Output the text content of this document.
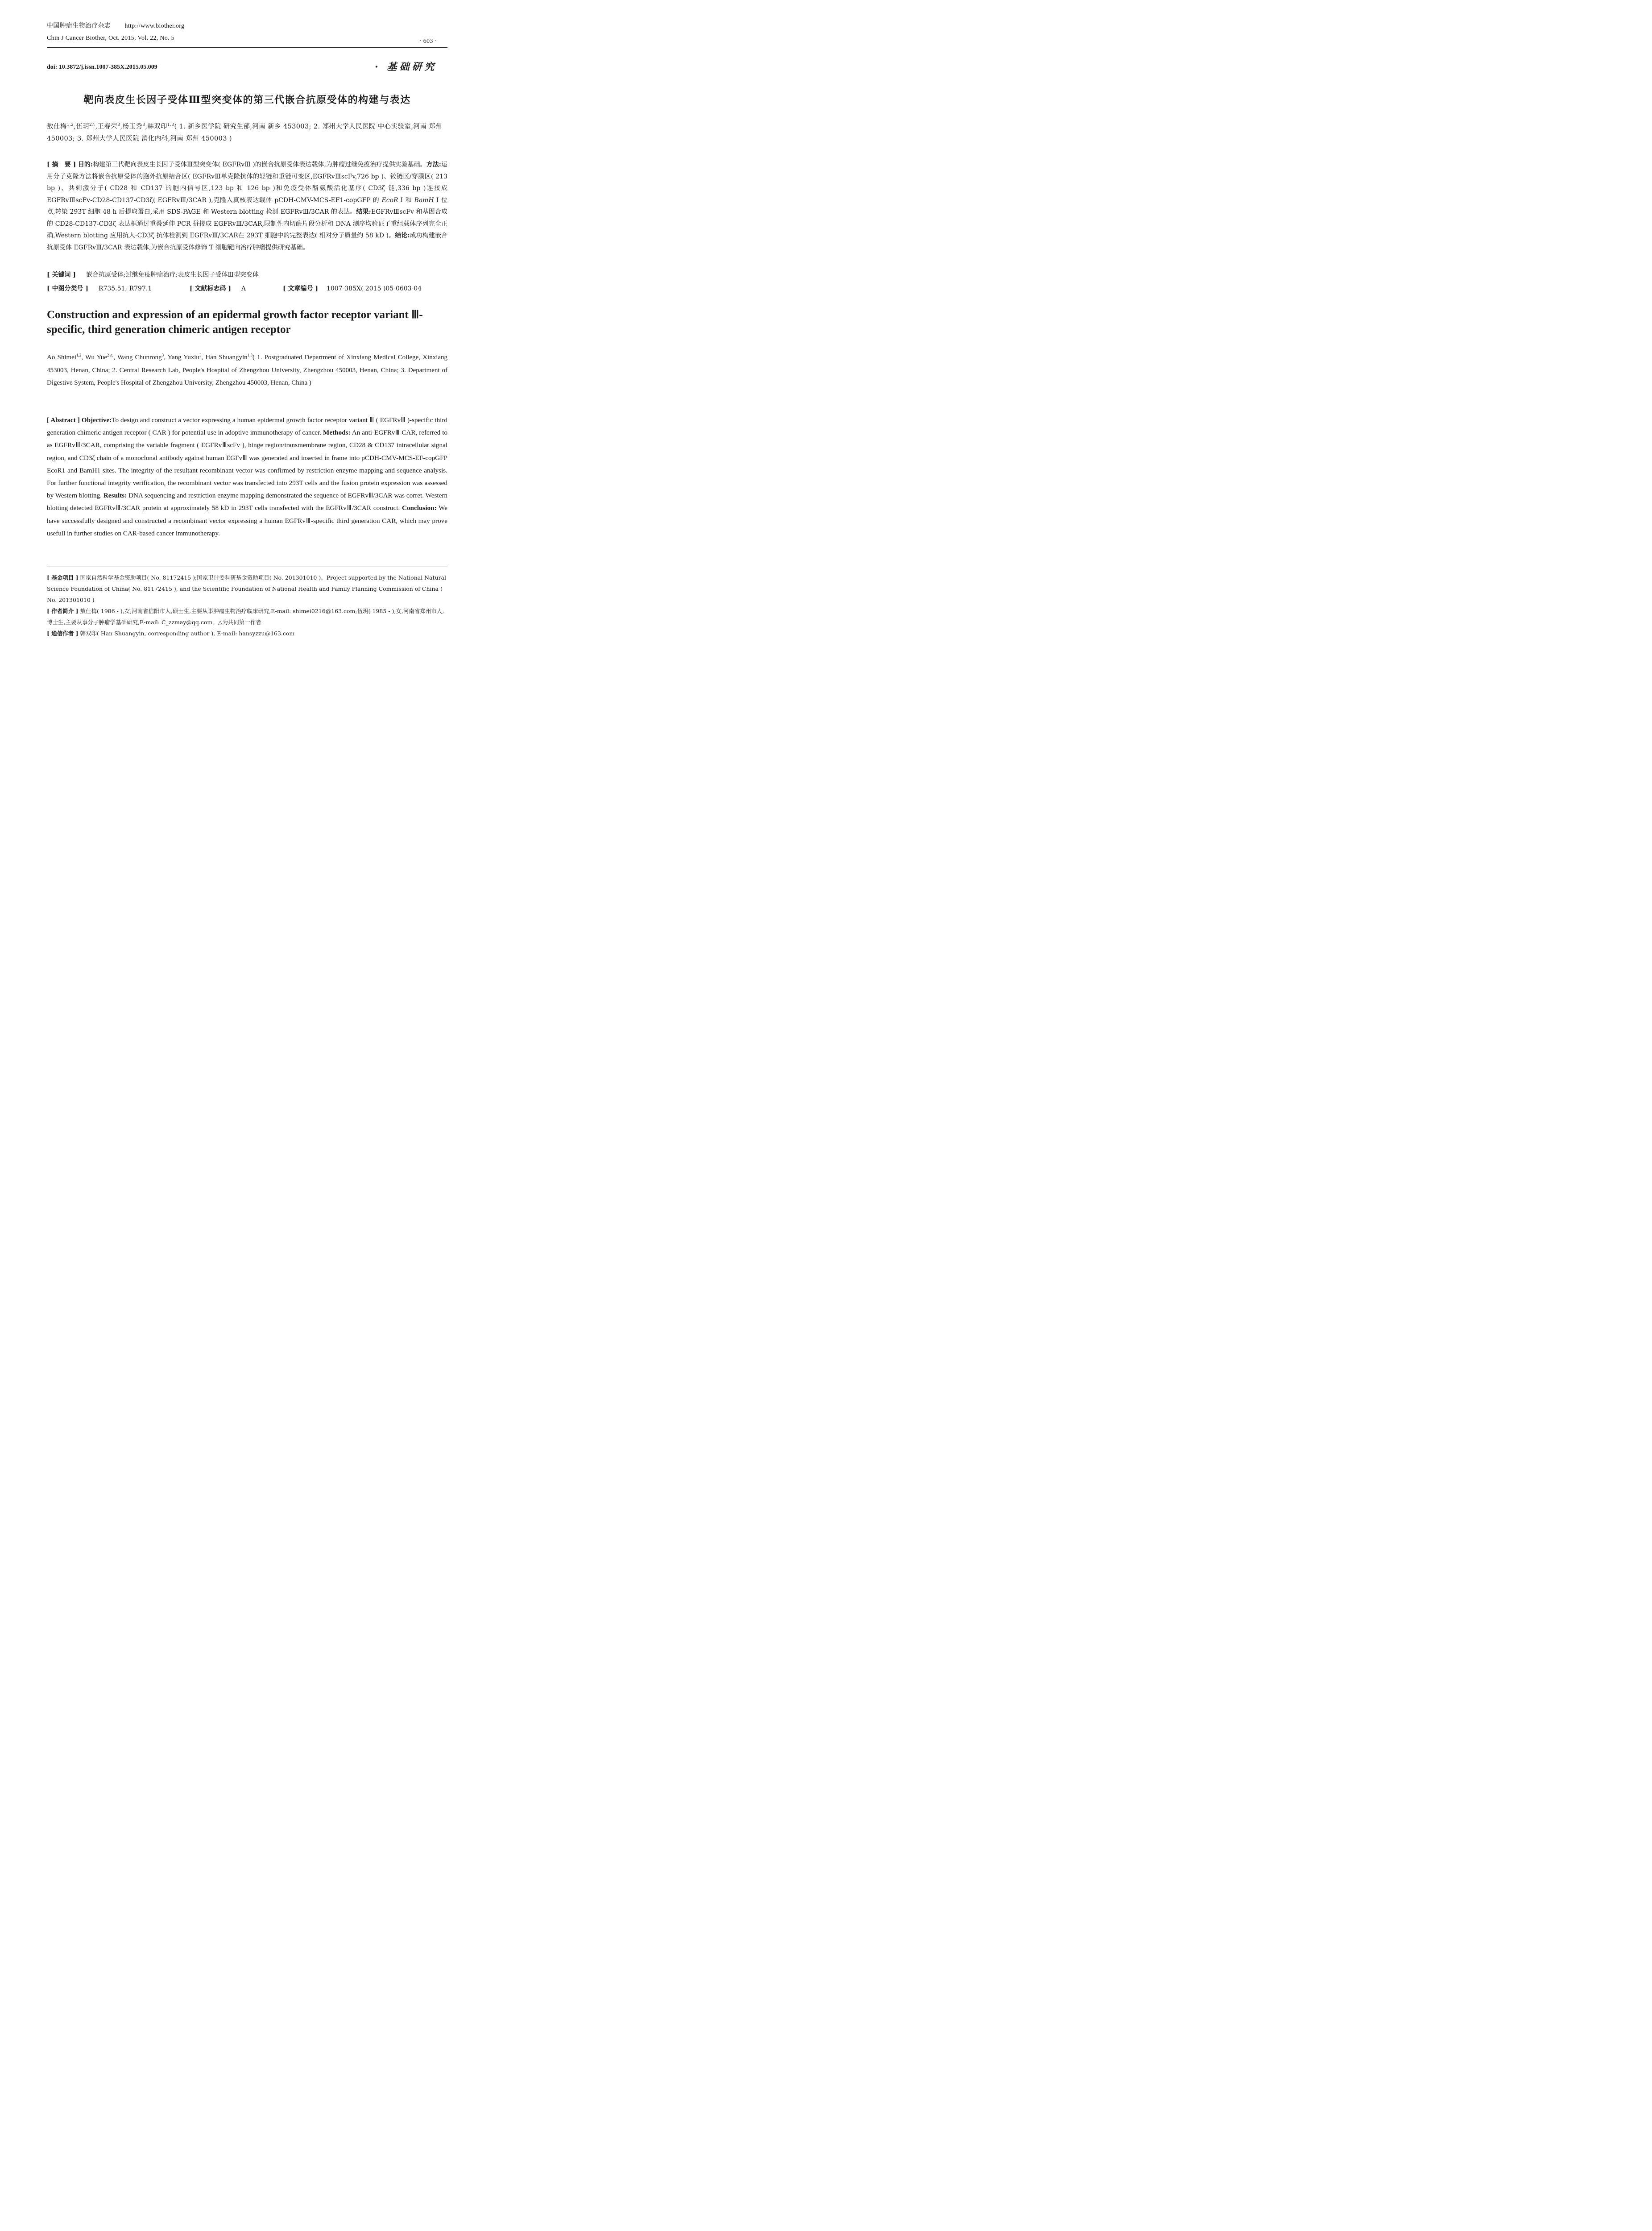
中国肿瘤生物治疗杂志 http://www.biother.org
Chin J Cancer Biother, Oct. 2015, Vol. 22, No. 5	· 603 ·
doi: 10.3872/j.issn.1007-385X.2015.05.009	· 基础研究
靶向表皮生长因子受体Ⅲ型突变体的第三代嵌合抗原受体的构建与表达
敖仕梅$^{1,2}$,伍玥$^{2\triangle}$,王春荣$^3$,杨玉秀$^3$,韩双印$^{1,3}$( 1. 新乡医学院 研究生部,河南 新乡 453003; 2. 郑州大学人民医院 中心实验室,河南 郑州 450003; 3. 郑州大学人民医院 消化内科,河南 郑州 450003 )
[ 摘　要 ] 目的:构建第三代靶向表皮生长因子受体Ⅲ型突变体( EGFRvⅢ )的嵌合抗原受体表达载体,为肿瘤过继免疫治疗提供实验基础。方法:运用分子克隆方法将嵌合抗原受体的胞外抗原结合区( EGFRvⅢ单克隆抗体的轻链和重链可变区,EGFRvⅢscFv,726 bp )、铰链区/穿膜区( 213 bp )、共刺激分子( CD28 和 CD137 的胞内信号区,123 bp 和 126 bp )和免疫受体酪氨酸活化基序( CD3ζ 链,336 bp )连接成 EGFRvⅢscFv-CD28-CD137-CD3ζ( EGFRvⅢ/3CAR ),克隆入真核表达载体 pCDH-CMV-MCS-EF1-copGFP 的 EcoR Ⅰ 和 BamH Ⅰ 位点,转染 293T 细胞 48 h 后提取蛋白,采用 SDS-PAGE 和 Western blotting 检测 EGFRvⅢ/3CAR 的表达。结果:EGFRvⅢscFv 和基因合成的 CD28-CD137-CD3ζ 表达框通过重叠延伸 PCR 拼接成 EGFRvⅢ/3CAR,限制性内切酶片段分析和 DNA 测序均验证了重组载体序列完全正确,Western blotting 应用抗人-CD3ζ 抗体检测到 EGFRvⅢ/3CAR在 293T 细胞中的完整表达( 相对分子质量约 58 kD )。结论:成功构建嵌合抗原受体 EGFRvⅢ/3CAR 表达载体,为嵌合抗原受体修饰 T 细胞靶向治疗肿瘤提供研究基础。
[ 关键词 ] 嵌合抗原受体;过继免疫肿瘤治疗;表皮生长因子受体Ⅲ型突变体
[ 中图分类号 ] R735.51; R797.1	[ 文献标志码 ] A	[ 文章编号 ] 1007-385X( 2015 )05-0603-04
Construction and expression of an epidermal growth factor receptor variant Ⅲ-specific, third generation chimeric antigen receptor
Ao Shimei$^{1,2}$, Wu Yue$^{2\triangle}$, Wang Chunrong$^3$, Yang Yuxiu$^3$, Han Shuangyin$^{1,3}$( 1. Postgraduated Department of Xinxiang Medical College, Xinxiang 453003, Henan, China; 2. Central Research Lab, People's Hospital of Zhengzhou University, Zhengzhou 450003, Henan, China; 3. Department of Digestive System, People's Hospital of Zhengzhou University, Zhengzhou 450003, Henan, China )
[ Abstract ] Objective:To design and construct a vector expressing a human epidermal growth factor receptor variant Ⅲ ( EGFRvⅢ )-specific third generation chimeric antigen receptor ( CAR ) for potential use in adoptive immunotherapy of cancer. Methods: An anti-EGFRvⅢ CAR, referred to as EGFRvⅢ/3CAR, comprising the variable fragment ( EGFRvⅢscFv ), hinge region/transmembrane region, CD28 & CD137 intracellular signal region, and CD3ζ chain of a monoclonal antibody against human EGFvⅢ was generated and inserted in frame into pCDH-CMV-MCS-EF-copGFP EcoR1 and BamH1 sites. The integrity of the resultant recombinant vector was confirmed by restriction enzyme mapping and sequence analysis. For further functional integrity verification, the recombinant vector was transfected into 293T cells and the fusion protein expression was assessed by Western blotting. Results: DNA sequencing and restriction enzyme mapping demonstrated the sequence of EGFRvⅢ/3CAR was corret. Western blotting detected EGFRvⅢ/3CAR protein at approximately 58 kD in 293T cells transfected with the EGFRvⅢ/3CAR construct. Conclusion: We have successfully designed and constructed a recombinant vector expressing a human EGFRvⅢ-specific third generation CAR, which may prove usefull in further studies on CAR-based cancer immunotherapy.
[ 基金项目 ] 国家自然科学基金资助项目( No. 81172415 );国家卫计委科研基金资助项目( No. 201301010 )。Project supported by the National Natural Science Foundation of China( No. 81172415 ), and the Scientific Foundation of National Health and Family Planning Commission of China ( No. 201301010 )
[ 作者简介 ] 敖仕梅( 1986 - ),女,河南省信阳市人,硕士生,主要从事肿瘤生物治疗临床研究,E-mail: shimei0216@163.com;伍玥( 1985 - ),女,河南省郑州市人,博士生,主要从事分子肿瘤学基础研究,E-mail: C_zzmay@qq.com。△为共同第一作者
[ 通信作者 ] 韩双印( Han Shuangyin, corresponding author ), E-mail: hansyzzu@163.com
